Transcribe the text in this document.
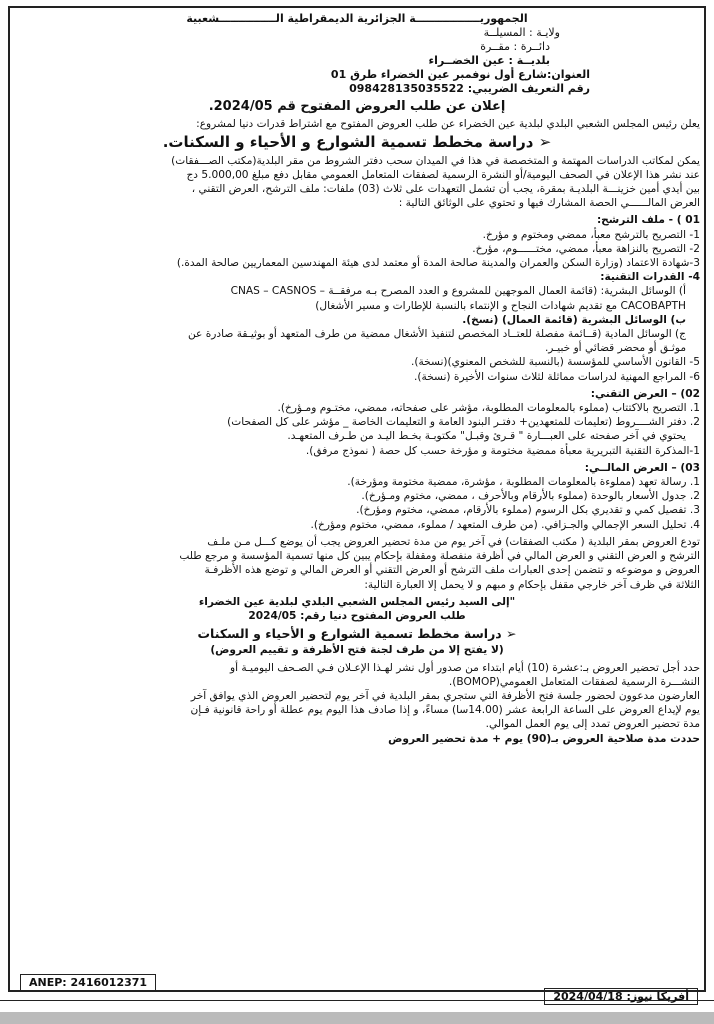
الجمهوريـــــــــــــــــة الجزائرية الديمقراطية الـــــــــــــــشعبية
ولايـة : المسيلــة
دائــرة : مقــرة
بلديــة : عين الخضــراء
العنوان:شارع أول نوفمبر عين الخضراء طرق 01
رقم التعريف الضريبي: 098428135035522
إعلان عن طلب العروض المفتوح قم 2024/05.
يعلن رئيس المجلس الشعبي البلدي لبلدية عين الخضراء عن طلب العروض المفتوح مع اشتراط قدرات دنيا لمشروع:
➢ دراسة مخطط تسمية الشوارع و الأحياء و السكنات.
يمكن لمكاتب الدراسات المهتمة و المتخصصة في هذا في الميدان سحب دفتر الشروط من مقر البلدية(مكتب الصـــفقات)
عند نشر هذا الإعلان في الصحف اليومية/أو النشرة الرسمية لصفقات المتعامل العمومي مقابل دفع مبلغ 5.000,00 دج
بين أيدي أمين خزينـــة البلديـة بمقرة، يجب أن تشمل التعهدات على ثلاث (03) ملفات: ملف الترشح، العرض التقني ،
العرض المالــــــي الحصة المشارك فيها و تحتوي على الوثائق التالية :
01 ) - ملف الترشح:
1- التصريح بالترشح معبأ، ممضي ومختوم و مؤرخ.
2- التصريح بالنزاهة معبأ، ممضي، مختــــــوم، مؤرخ.
3-شهادة الاعتماد (وزارة السكن والعمران والمدينة صالحة المدة أو معتمد لدى هيئة المهندسين المعماريين صالحة المدة.)
4- القدرات التقنية:
أ) الوسائل البشرية: (قائمة العمال الموجهين للمشروع و العدد المصرح بـه مرفقــة – CNAS – CASNOS
CACOBAPTH مع تقديم شهادات النجاح و الإنتماء بالنسبة للإطارات و مسير الأشغال)
ب) الوسائل البشرية (قائمة العمال) (نسخ).
ج) الوسائل المادية (قــائمة مفصلة للعتــاد المخصص لتنفيذ الأشغال ممضية من طرف المتعهد أو بوثيـقة صادرة عن
موثـق أو محضر قضائي أو خبيـر.
5- القانون الأساسي للمؤسسة (بالنسبة للشخص المعنوي)(نسخة).
6- المراجع المهنية لدراسات مماثلة لثلاث سنوات الأخيرة (نسخة).
02) – العرض التقني:
1. التصريح بالاكتتاب (مملوء بالمعلومات المطلوبة، مؤشر على صفحاته، ممضي، مختـوم ومـؤرخ).
2. دفتر الشــــروط (تعليمات للمتعهدين+ دفتـر البنود العامة و التعليمات الخاصة _ مؤشر على كل الصفحات)
يحتوي في آخر صفحته على العبـــارة " قـرئ وقبـل" مكتوبـة بخـط اليـد من طـرف المتعهـد.
1-المذكرة التقنية التبريرية معبأة ممضية مختومة و مؤرخة حسب كل حصة ( نموذج مرفق).
03) – العرض المالــي:
1. رسالة تعهد (مملوءة بالمعلومات المطلوبة ، مؤشرة، ممضية مختومة ومؤرخة).
2. جدول الأسعار بالوحدة (مملوء بالأرقام وبالأحرف ، ممضي، مختوم ومـؤرخ).
3. تفصيل كمي و تقديري بكل الرسوم (مملوء بالأرقام، ممضي، مختوم ومؤرخ).
4. تحليل السعر الإجمالي والجـزافي. (من طرف المتعهد / مملوء، ممضي، مختوم ومؤرخ).
تودع العروض بمقر البلدية ( مكتب الصفقات) في آخر يوم من مدة تحضير العروض يجب أن يوضع كـــل مـن ملـف
الترشح و العرض التقني و العرض المالي في أظرفة منفصلة ومقفلة بإحكام يبين كل منها تسمية المؤسسة و مرجع طلب
العروض و موضوعه و تتضمن إحدى العبارات ملف الترشح أو العرض التقني أو العرض المالي و توضع هذه الأظرفـة
الثلاثة في ظرف آخر خارجي مقفل بإحكام و مبهم و لا يحمل إلا العبارة التالية:
"إلى السيد رئيس المجلس الشعبي البلدي لبلدية عين الخضراء
طلب العروض المفتوح دنيا رقم: 2024/05
➢ دراسة مخطط تسمية الشوارع و الأحياء و السكنات
(لا يفتح إلا من طرف لجنة فتح الأظرفة و تقييم العروض)
حدد أجل تحضير العروض بـ:عشرة (10) أيام ابتداء من صدور أول نشر لهـذا الإعـلان فـي الصـحف اليوميـة أو
النشـــرة الرسمية لصفقات المتعامل العمومي(BOMOP).
العارضون مدعوون لحضور جلسة فتح الأظرفة التي ستجري بمقر البلدية في آخر يوم لتحضير العروض الذي يوافق آخر
يوم لإيداع العروض على الساعة الرابعة عشر (14.00سا) مساءً، و إذا صادف هذا اليوم يوم عطلة أو راحة قانونية فـإن
مدة تحضير العروض تمدد إلى يوم العمل الموالي.
حددت مدة صلاحية العروض بـ(90) يوم + مدة تحضير العروض
ANEP: 2416012371
أفريكا نيوز: 2024/04/18
